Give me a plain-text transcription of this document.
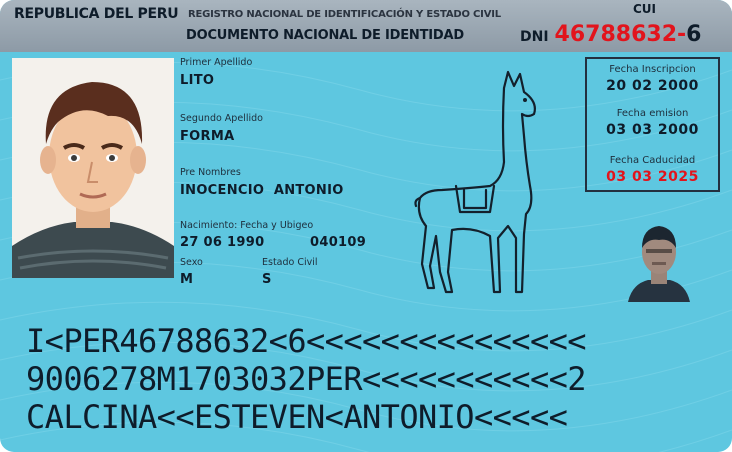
REPUBLICA DEL PERU REGISTRO NACIONAL DE IDENTIFICACIÓN Y ESTADO CIVIL
DOCUMENTO NACIONAL DE IDENTIDAD
CUI
DNI 46788632-6
Primer Apellido
LITO
Segundo Apellido
FORMA
Pre Nombres
INOCENCIO  ANTONIO
Nacimiento: Fecha y Ubigeo
27 06 1990	040109
Sexo	Estado Civil
M	S
Fecha Inscripcion
20 02 2000
Fecha emision
03 03 2000
Fecha Caducidad
03 03 2025
I<PER46788632<6<<<<<<<<<<<<<<<
9006278M1703032PER<<<<<<<<<<<2
CALCINA<<ESTEVEN<ANTONIO<<<<<
